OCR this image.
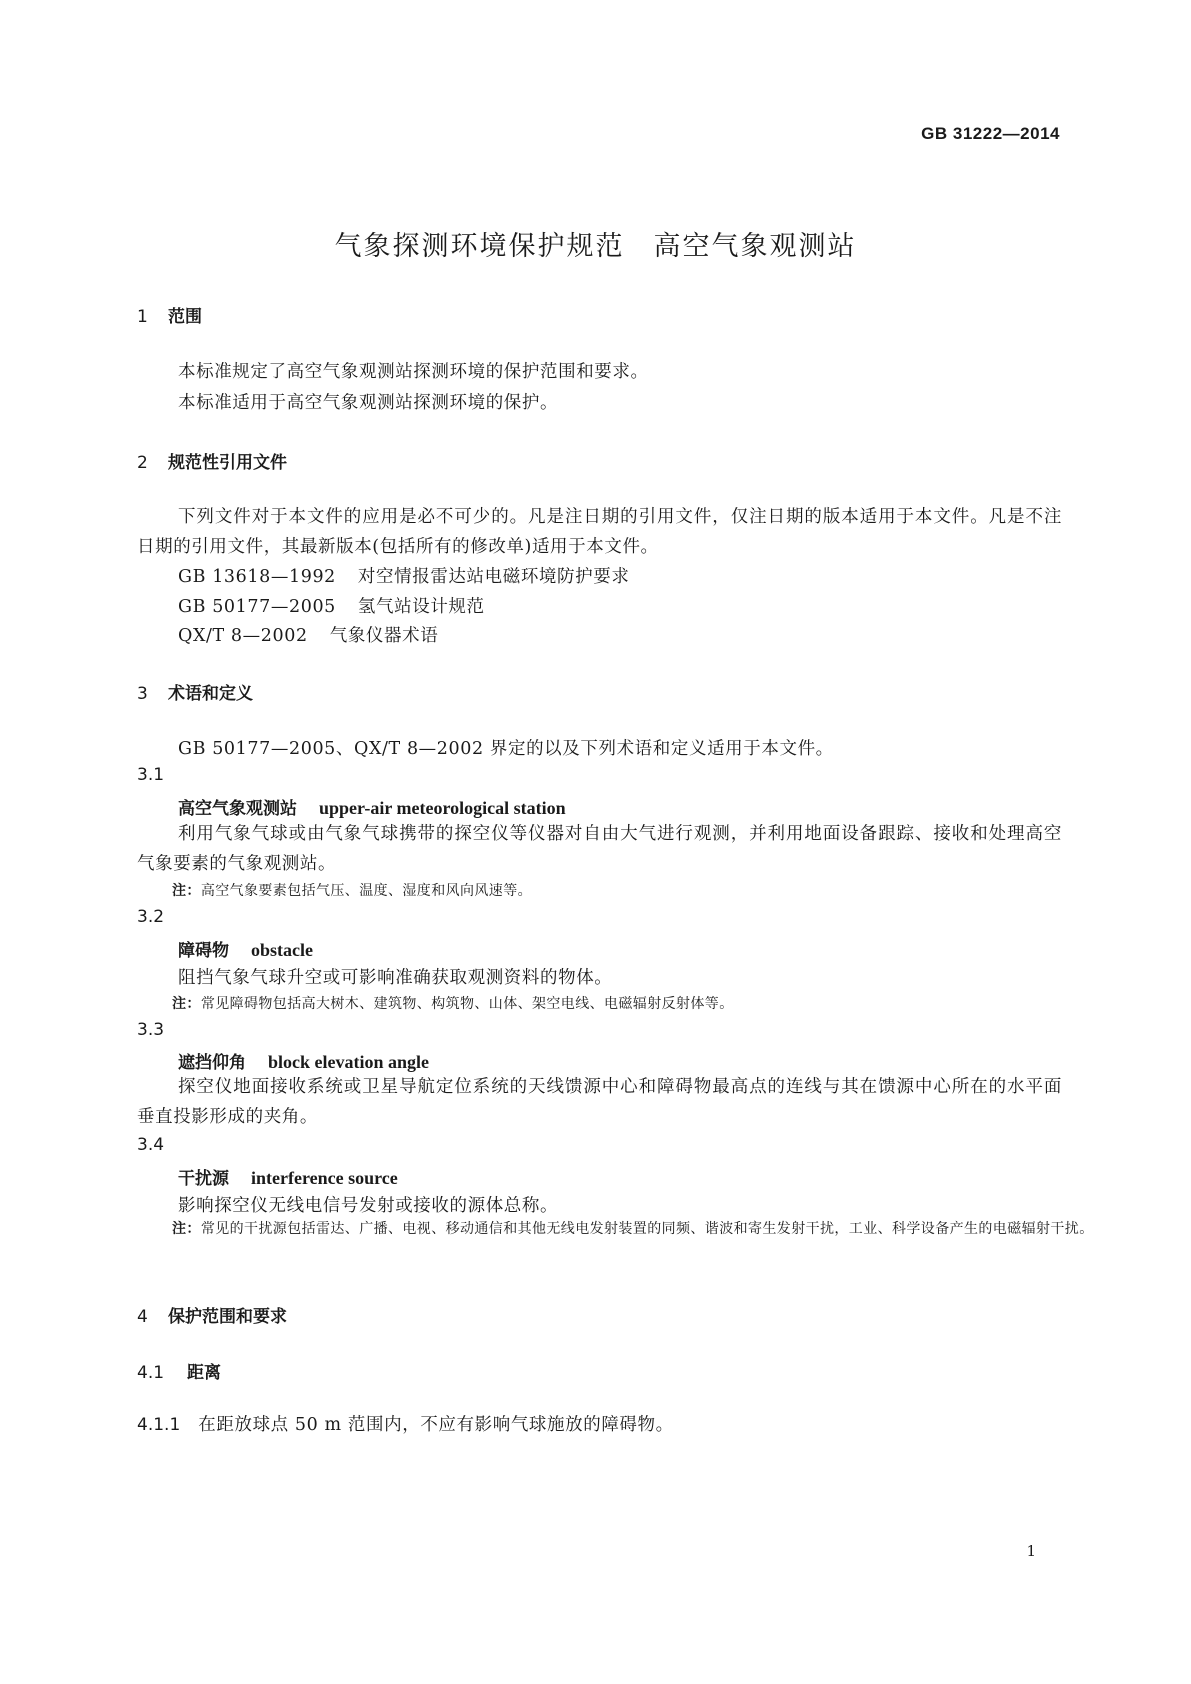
GB 31222—2014
气象探测环境保护规范　高空气象观测站
1 范围
本标准规定了高空气象观测站探测环境的保护范围和要求。
本标准适用于高空气象观测站探测环境的保护。
2 规范性引用文件
下列文件对于本文件的应用是必不可少的。凡是注日期的引用文件，仅注日期的版本适用于本文件。凡是不注日期的引用文件，其最新版本(包括所有的修改单)适用于本文件。
GB 13618—1992 对空情报雷达站电磁环境防护要求
GB 50177—2005 氢气站设计规范
QX/T 8—2002 气象仪器术语
3 术语和定义
GB 50177—2005、QX/T 8—2002 界定的以及下列术语和定义适用于本文件。
3.1
高空气象观测站 upper-air meteorological station
利用气象气球或由气象气球携带的探空仪等仪器对自由大气进行观测，并利用地面设备跟踪、接收和处理高空气象要素的气象观测站。
注：高空气象要素包括气压、温度、湿度和风向风速等。
3.2
障碍物 obstacle
阻挡气象气球升空或可影响准确获取观测资料的物体。
注：常见障碍物包括高大树木、建筑物、构筑物、山体、架空电线、电磁辐射反射体等。
3.3
遮挡仰角 block elevation angle
探空仪地面接收系统或卫星导航定位系统的天线馈源中心和障碍物最高点的连线与其在馈源中心所在的水平面垂直投影形成的夹角。
3.4
干扰源 interference source
影响探空仪无线电信号发射或接收的源体总称。
注：常见的干扰源包括雷达、广播、电视、移动通信和其他无线电发射装置的同频、谐波和寄生发射干扰，工业、科学设备产生的电磁辐射干扰。
4 保护范围和要求
4.1 距离
4.1.1 在距放球点 50 m 范围内，不应有影响气球施放的障碍物。
1
